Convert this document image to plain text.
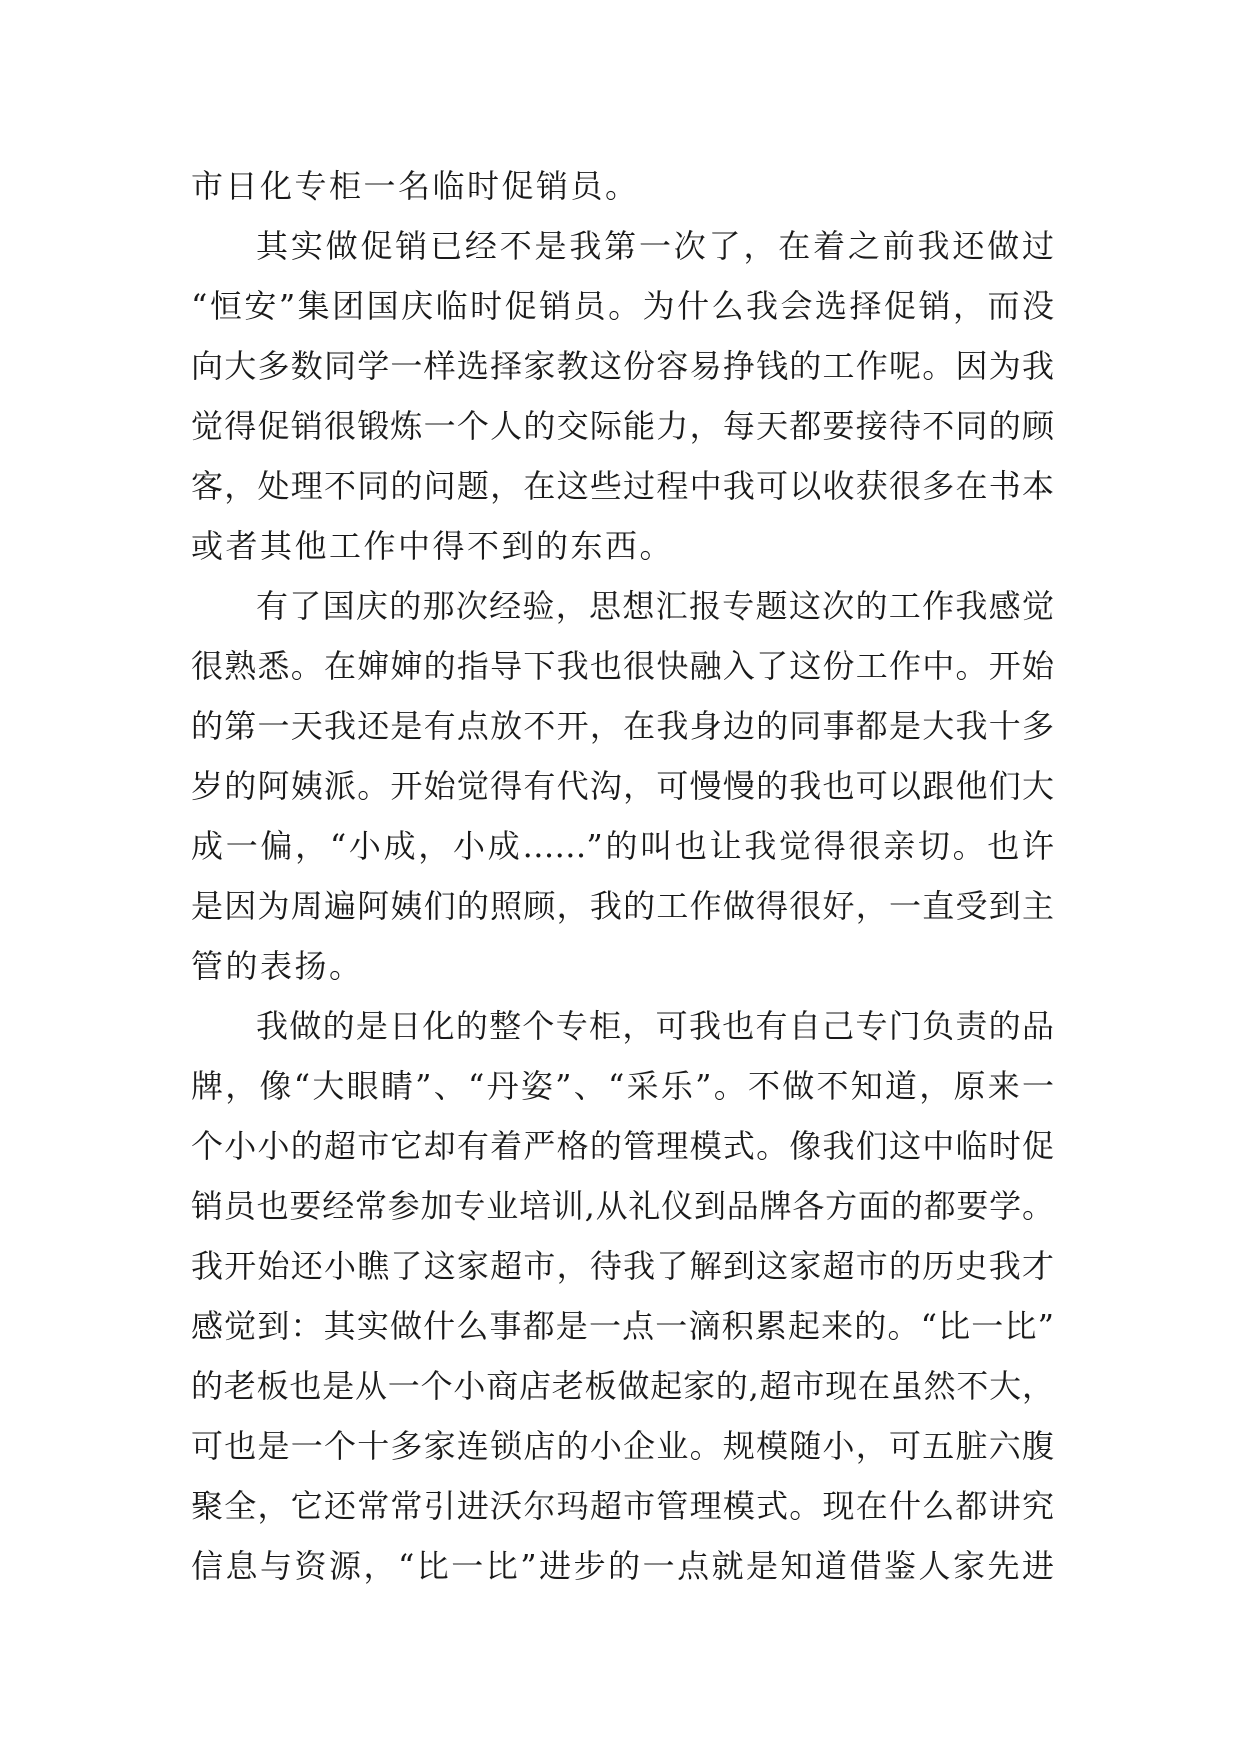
市日化专柜一名临时促销员。
其实做促销已经不是我第一次了，在着之前我还做过
“恒安”集团国庆临时促销员。为什么我会选择促销，而没
向大多数同学一样选择家教这份容易挣钱的工作呢。因为我
觉得促销很锻炼一个人的交际能力，每天都要接待不同的顾
客，处理不同的问题，在这些过程中我可以收获很多在书本
或者其他工作中得不到的东西。
有了国庆的那次经验，思想汇报专题这次的工作我感觉
很熟悉。在婶婶的指导下我也很快融入了这份工作中。开始
的第一天我还是有点放不开，在我身边的同事都是大我十多
岁的阿姨派。开始觉得有代沟，可慢慢的我也可以跟他们大
成一偏，“小成，小成……”的叫也让我觉得很亲切。也许
是因为周遍阿姨们的照顾，我的工作做得很好，一直受到主
管的表扬。
我做的是日化的整个专柜，可我也有自己专门负责的品
牌，像“大眼睛”、“丹姿”、“采乐”。不做不知道，原来一
个小小的超市它却有着严格的管理模式。像我们这中临时促
销员也要经常参加专业培训,从礼仪到品牌各方面的都要学。
我开始还小瞧了这家超市，待我了解到这家超市的历史我才
感觉到：其实做什么事都是一点一滴积累起来的。“比一比”
的老板也是从一个小商店老板做起家的,超市现在虽然不大，
可也是一个十多家连锁店的小企业。规模随小，可五脏六腹
聚全，它还常常引进沃尔玛超市管理模式。现在什么都讲究
信息与资源，“比一比”进步的一点就是知道借鉴人家先进
